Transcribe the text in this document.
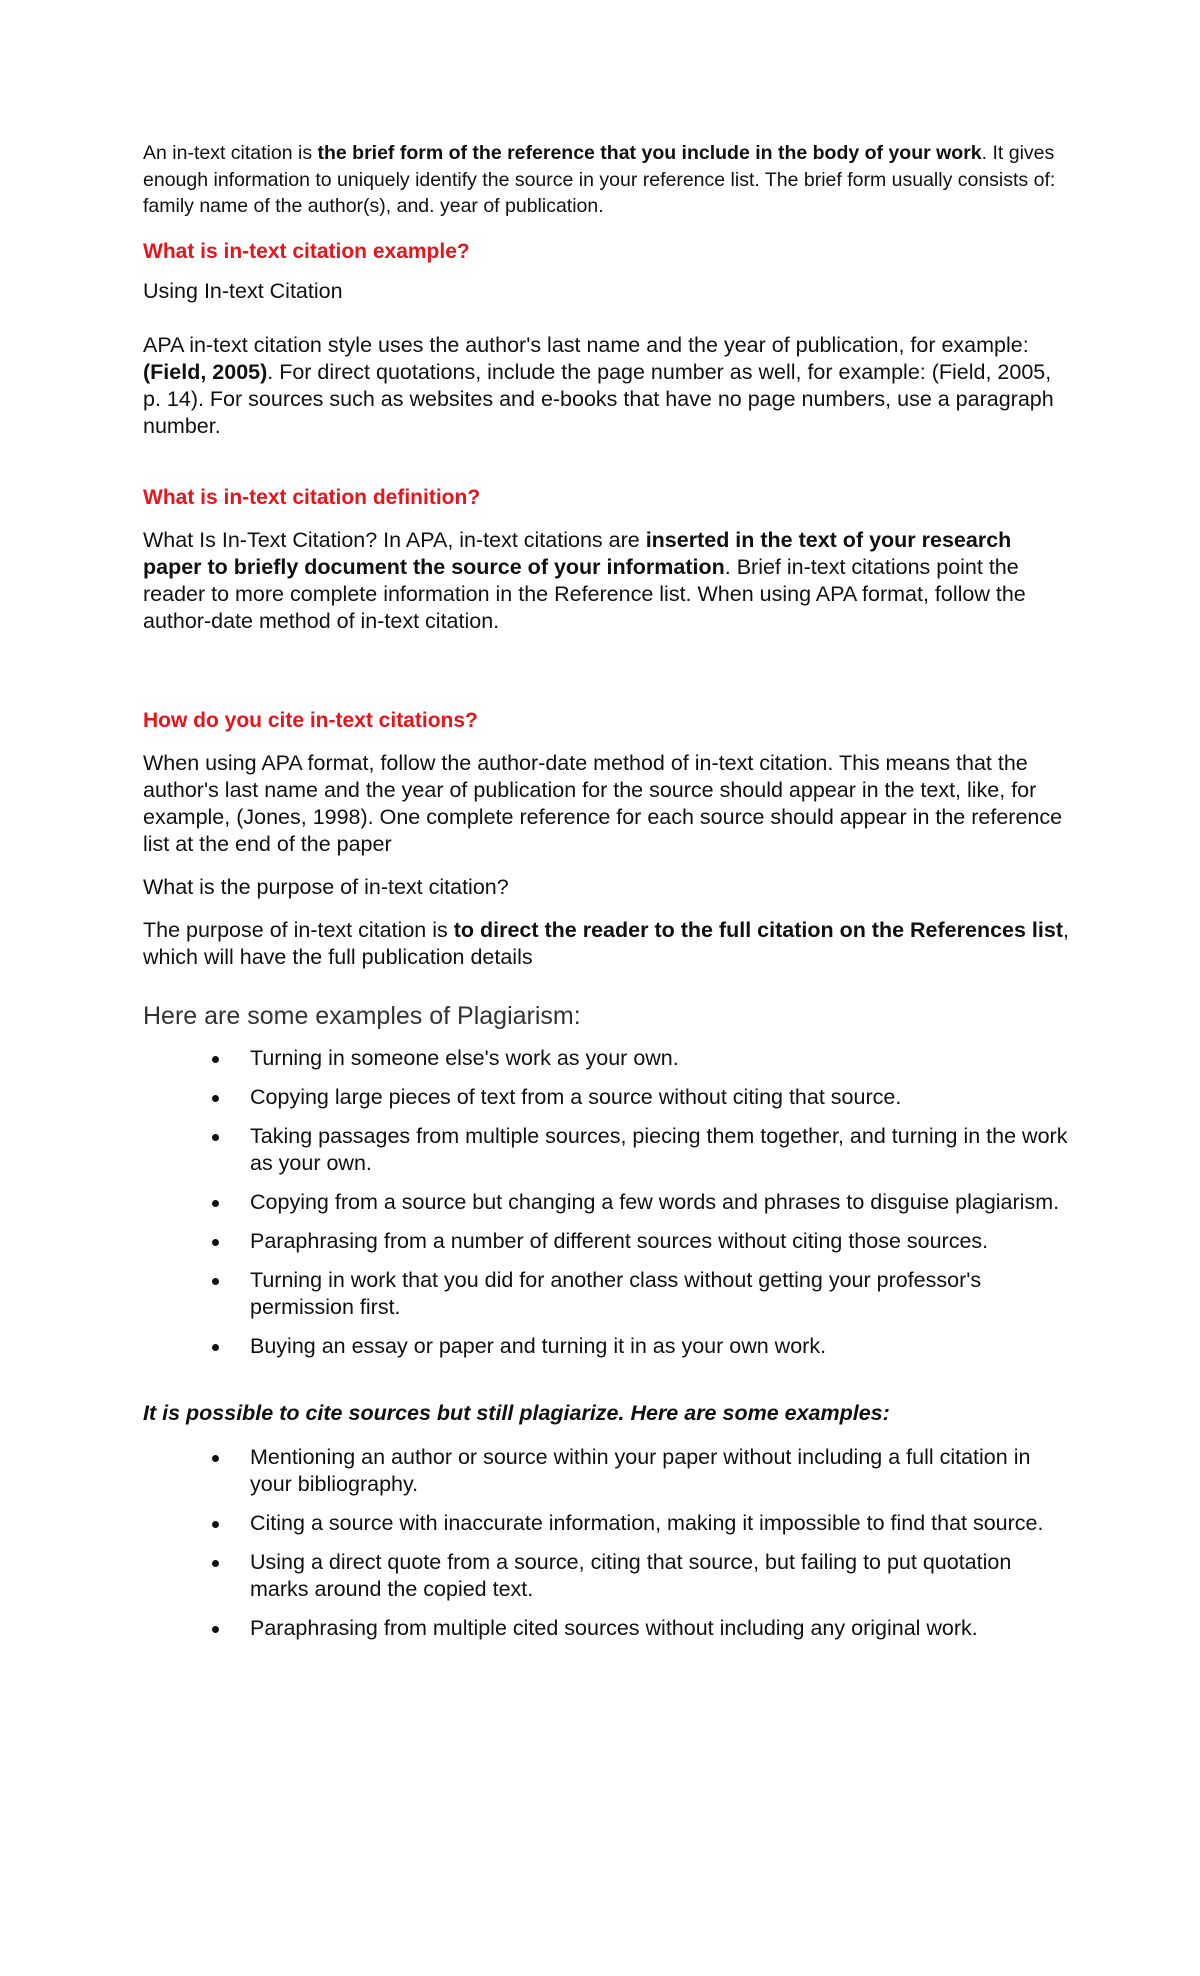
An in-text citation is the brief form of the reference that you include in the body of your work. It gives enough information to uniquely identify the source in your reference list. The brief form usually consists of: family name of the author(s), and. year of publication.

What is in-text citation example?

Using In-text Citation

APA in-text citation style uses the author's last name and the year of publication, for example: (Field, 2005). For direct quotations, include the page number as well, for example: (Field, 2005, p. 14). For sources such as websites and e-books that have no page numbers, use a paragraph number.

What is in-text citation definition?

What Is In-Text Citation? In APA, in-text citations are inserted in the text of your research paper to briefly document the source of your information. Brief in-text citations point the reader to more complete information in the Reference list. When using APA format, follow the author-date method of in-text citation.

How do you cite in-text citations?

When using APA format, follow the author-date method of in-text citation. This means that the author's last name and the year of publication for the source should appear in the text, like, for example, (Jones, 1998). One complete reference for each source should appear in the reference list at the end of the paper

What is the purpose of in-text citation?

The purpose of in-text citation is to direct the reader to the full citation on the References list, which will have the full publication details

Here are some examples of Plagiarism:

Turning in someone else's work as your own.
Copying large pieces of text from a source without citing that source.
Taking passages from multiple sources, piecing them together, and turning in the work as your own.
Copying from a source but changing a few words and phrases to disguise plagiarism.
Paraphrasing from a number of different sources without citing those sources.
Turning in work that you did for another class without getting your professor's permission first.
Buying an essay or paper and turning it in as your own work.

It is possible to cite sources but still plagiarize. Here are some examples:

Mentioning an author or source within your paper without including a full citation in your bibliography.
Citing a source with inaccurate information, making it impossible to find that source.
Using a direct quote from a source, citing that source, but failing to put quotation marks around the copied text.
Paraphrasing from multiple cited sources without including any original work.
